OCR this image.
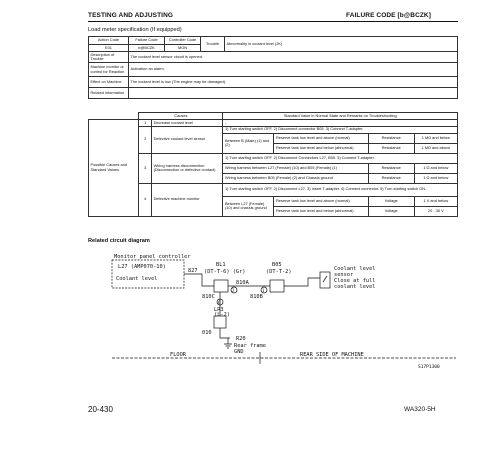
TESTING AND ADJUSTING	FAILURE CODE [b@BCZK]
Load meter specification (If equipped)
Action Code	Failure Code	Controller Code	Trouble	Abnormality in coolant level (2K)
E01	b@BCZK	MON		
Description of Trouble	The coolant level sensor circuit is opened.			
Machine monitor or control for Reaction	Activation an alarm.			
Effect on Machine	The coolant level is low (The engine may be damaged).			
Related information				
	Causes		Standard Value in Normal State and Remarks on Troubleshooting			
Possible Causes and Standard Values	1	Decrease coolant level	-			
	2	Defective coolant level sensor	1) Turn starting switch OFF. 2) Disconnect connector B05. 3) Connect T-adapter.			
			Between B (Male) (1) and (2)	Reserve tank low level and above (normal)	Resistance	1 MΩ and below
				Reserve tank low level and below (abnormal)	Resistance	1 MΩ and above
	3	Wiring harness disconnection (Disconnection or defective contact)	1) Turn starting switch OFF. 2) Disconnect Connectors L27, B05. 3) Connect T-adapter.			
			Wiring harness between L27 (Female) (10) and B05 (Female) (1)		Resistance	1 Ω and below
			Wiring harness between B05 (Female) (2) and Chassis ground		Resistance	1 Ω and below
	4	Defective machine monitor	1) Turn starting switch OFF. 2) Disconnect L27. 3) Insert T-adapter. 4) Connect connector. 5) Turn starting switch ON.			
			Between L27 (Female) (10) and chassis ground	Reserve tank low level and above (normal)	Voltage	1 V and below
				Reserve tank low level and below (abnormal)	Voltage	20 - 30 V
Related circuit diagram
Monitor panel controller
L27 (AMP070-10)
Coolant level
827
BL1
(DT-T-6) (Gr)
810C
810A
810B
B05
(DT-T-2)
6
2	1
Coolant level
sensor
Close at full
coolant level
LR3
(L-2)
010
R20
Rear frame
GND
FLOOR	REAR SIDE OF MACHINE
S17P1300
20-430	WA320-5H
